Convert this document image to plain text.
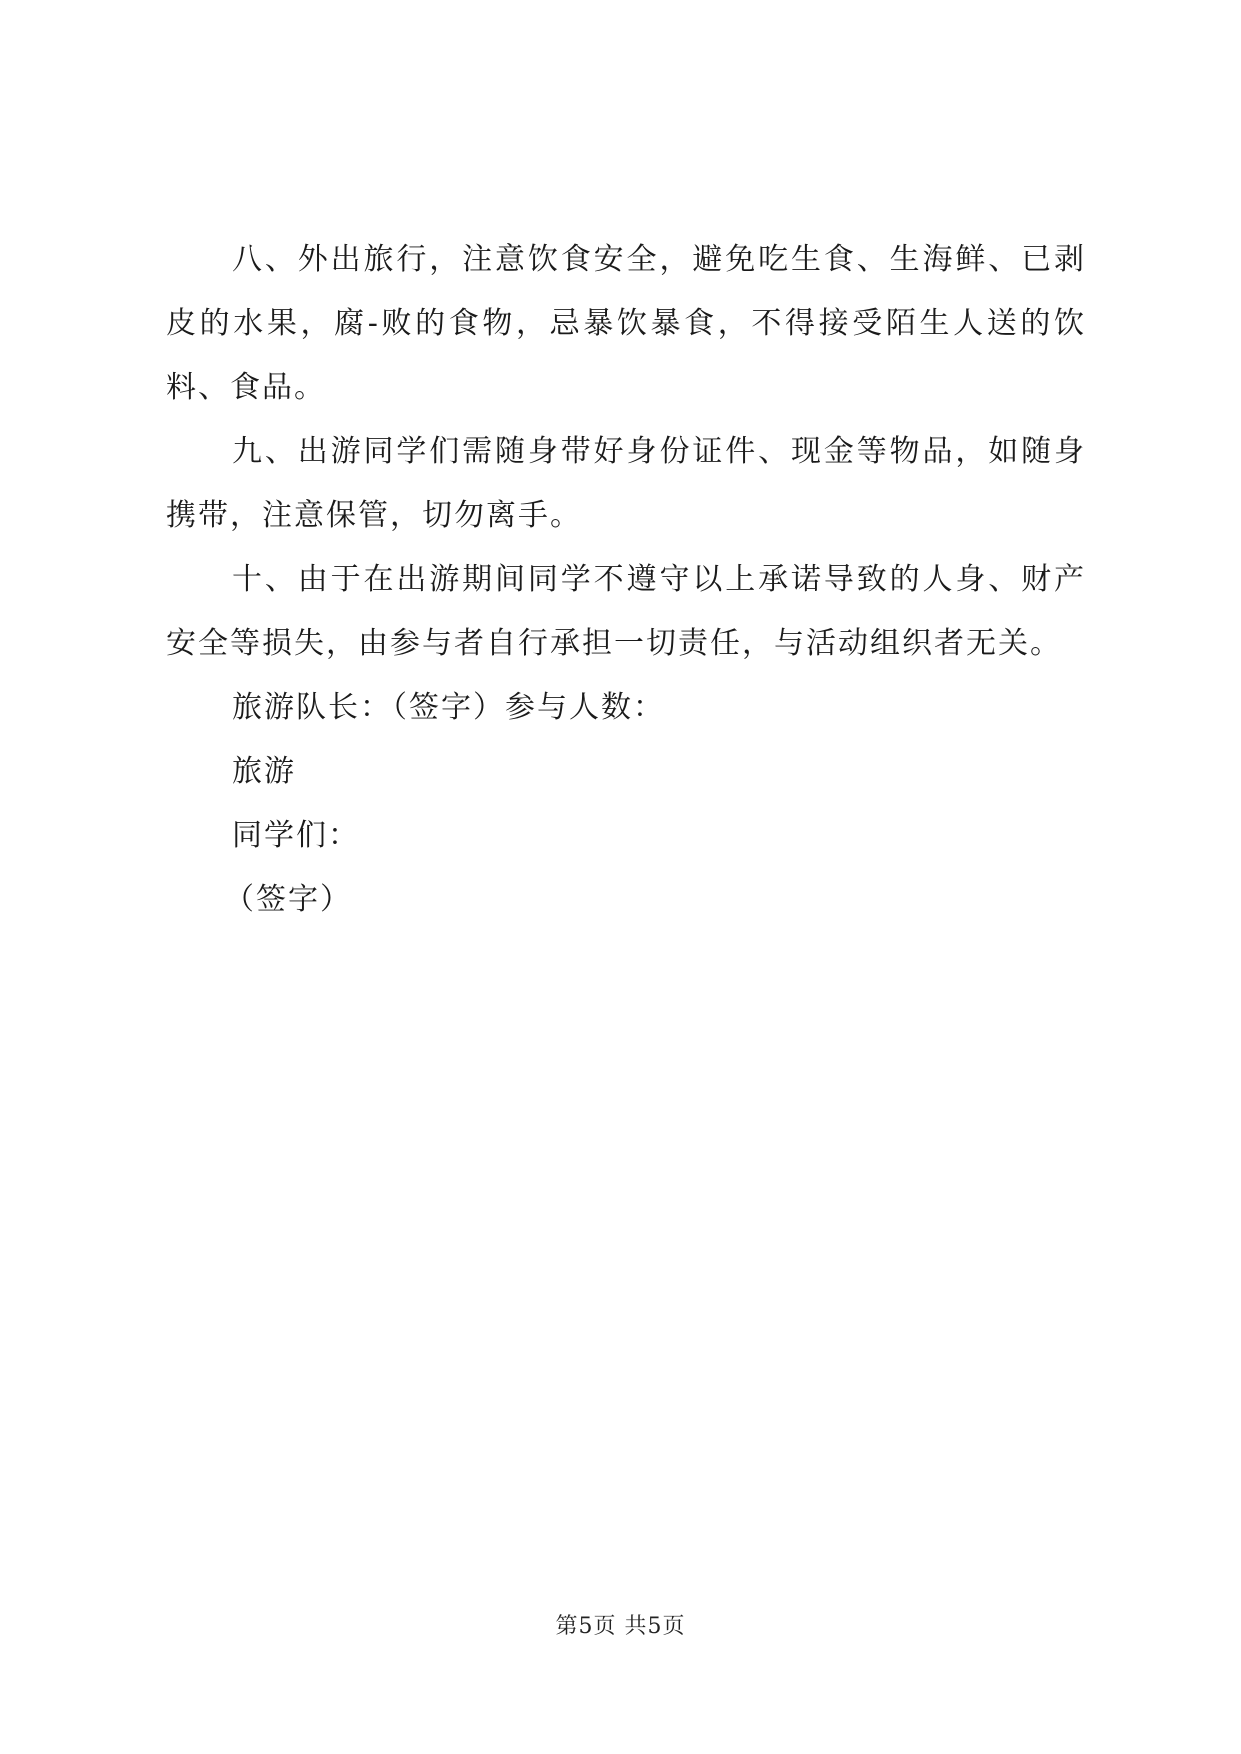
八、外出旅行，注意饮食安全，避免吃生食、生海鲜、已剥皮的水果，腐-败的食物，忌暴饮暴食，不得接受陌生人送的饮料、食品。

九、出游同学们需随身带好身份证件、现金等物品，如随身携带，注意保管，切勿离手。

十、由于在出游期间同学不遵守以上承诺导致的人身、财产安全等损失，由参与者自行承担一切责任，与活动组织者无关。

旅游队长：（签字）参与人数：

旅游

同学们：

（签字）

第5页 共5页
